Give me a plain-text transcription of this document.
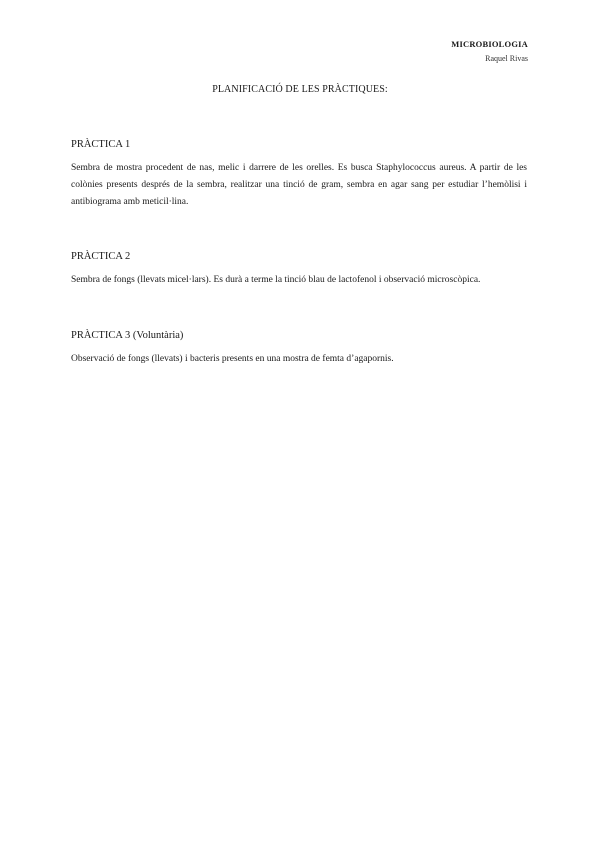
MICROBIOLOGIA
Raquel Rivas
PLANIFICACIÓ DE LES PRÀCTIQUES:
PRÀCTICA 1

Sembra de mostra procedent de nas, melic i darrere de les orelles. Es busca Staphylococcus aureus. A partir de les colònies presents després de la sembra, realitzar una tinció de gram, sembra en agar sang per estudiar l’hemòlisi i antibiograma amb meticil·lina.

PRÀCTICA 2

Sembra de fongs (llevats micel·lars). Es durà a terme la tinció blau de lactofenol i observació microscòpica.

PRÀCTICA 3 (Voluntària)

Observació de fongs (llevats) i bacteris presents en una mostra de femta d’agapornis.
